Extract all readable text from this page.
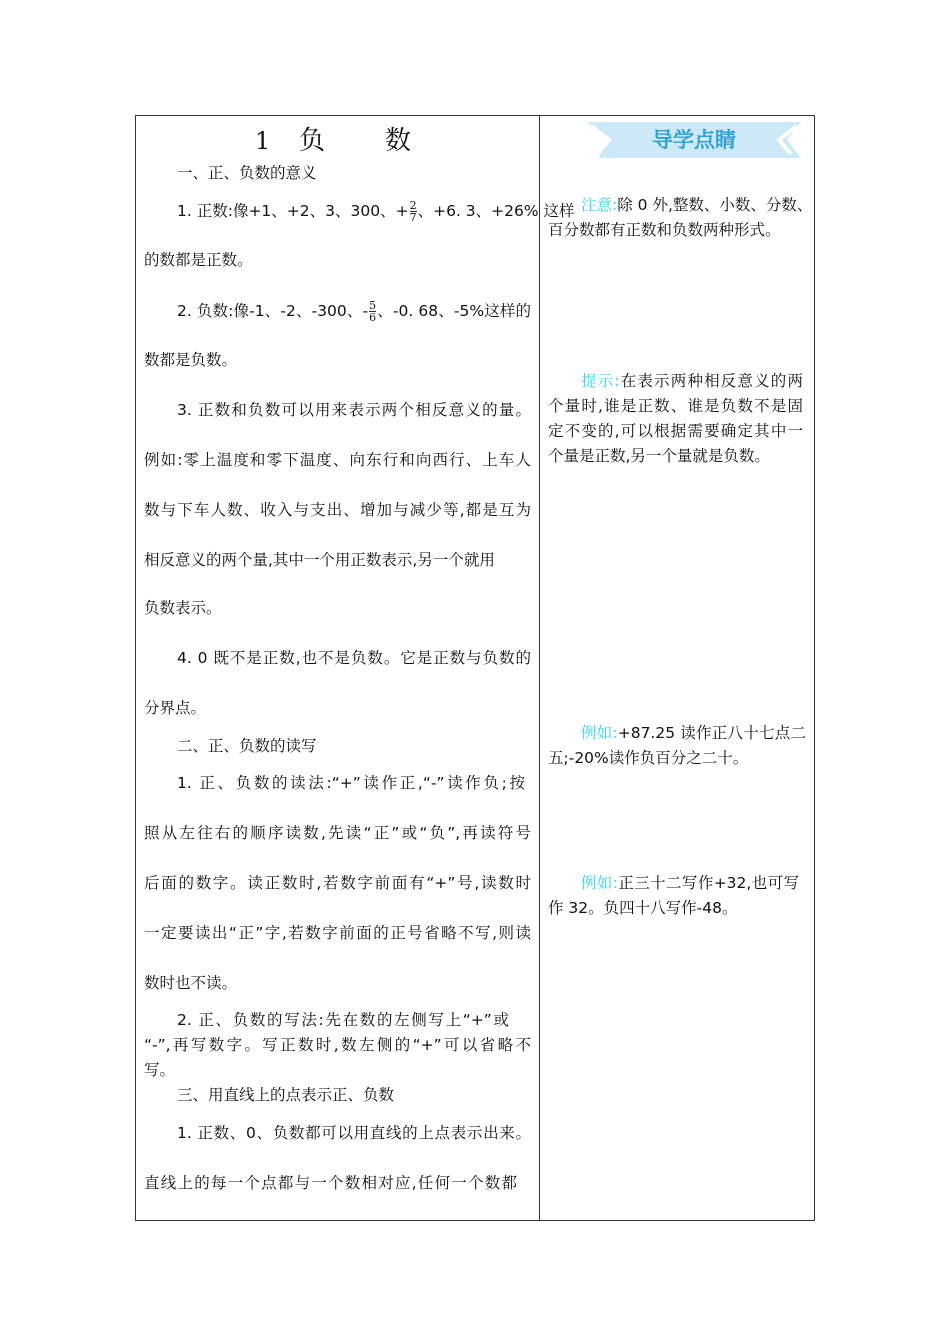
1 负 数
一、正、负数的意义
1. 正数:像+1、+2、3、300、+ $\frac{2}{7}$ 、+6. 3、+26% 这样
的数都是正数。
2. 负数:像-1、-2、-300、- $\frac{5}{6}$ 、-0. 68、-5%这样的
数都是负数。
3. 正数和负数可以用来表示两个相反意义的量。
例如:零上温度和零下温度、向东行和向西行、上车人
数与下车人数、收入与支出、增加与减少等,都是互为
相反意义的两个量,其中一个用正数表示,另一个就用
负数表示。
4. 0 既不是正数,也不是负数。它是正数与负数的
分界点。
二、正、负数的读写
1. 正、负数的读法:“+”读作正,“-”读作负;按
照从左往右的顺序读数,先读“正”或“负”,再读符号
后面的数字。读正数时,若数字前面有“+”号,读数时
一定要读出“正”字,若数字前面的正号省略不写,则读
数时也不读。
2. 正、负数的写法:先在数的左侧写上“+”或
“-”,再写数字。写正数时,数左侧的“+”可以省略不
写。
三、用直线上的点表示正、负数
1. 正数、0、负数都可以用直线的上点表示出来。
直线上的每一个点都与一个数相对应,任何一个数都
导学点睛
注意:除 0 外,整数、小数、分数、
百分数都有正数和负数两种形式。
提示:在表示两种相反意义的两
个量时,谁是正数、谁是负数不是固
定不变的,可以根据需要确定其中一
个量是正数,另一个量就是负数。
例如:+87.25 读作正八十七点二
五;-20%读作负百分之二十。
例如:正三十二写作+32,也可写
作 32。负四十八写作-48。
